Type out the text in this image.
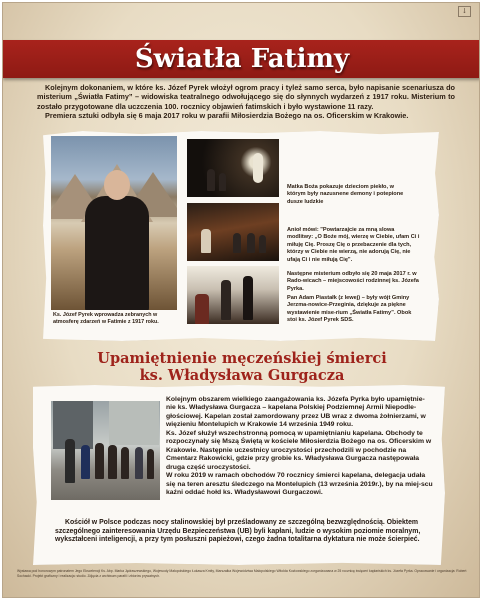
↓
Światła Fatimy

Kolejnym dokonaniem, w które ks. Józef Pyrek włożył ogrom pracy i tyleż samo serca, było napisanie scenariusza do misterium „Światła Fatimy” – widowiska teatralnego odwołującego się do słynnych wydarzeń z 1917 roku. Misterium to zostało przygotowane dla uczczenia 100. rocznicy objawień fatimskich i było wystawione 11 razy.

Premiera sztuki odbyła się 6 maja 2017 roku w parafii Miłosierdzia Bożego na os. Oficerskim w Krakowie.

Ks. Józef Pyrek wprowadza zebranych w atmosferę zdarzeń w Fatimie z 1917 roku.
Matka Boża pokazuje dzieciom piekło, w którym były nazusnene demony i potepione dusze ludzkie
Anioł mówi: "Powtarzajcie za mną slowa modlitwy: „O Boże mój, wierzę w Ciebie, ufam Ci i miłuję Cię. Proszę Cię o przebaczenie dla tych, którzy w Ciebie nie wierzą, nie adorują Cię, nie ufają Ci i nie miłują Cię".
Następne misterium odbyło się 20 maja 2017 r. w Rado-wicach – miejscowości rodzinnej ks. Józefa Pyrka.
Pan Adam Piastałk (z lewej) – były wójt Gminy Jerzma-nowice-Przeginia, dziękuje za piękne wystawienie mise-rium „Światła Fatimy”. Obok stoi ks. Józef Pyrek SDS.
Upamiętnienie męczeńskiej śmierci
ks. Władysława Gurgacza

Kolejnym obszarem wielkiego zaangażowania ks. Józefa Pyrka było upamiętnie-nie ks. Władysława Gurgacza – kapelana Polskiej Podziemnej Armii Niepodle-głościowej. Kapelan został zamordowany przez UB wraz z dwoma żołnierzami, w więzieniu Montelupich w Krakowie 14 września 1949 roku.

Ks. Józef służył wszechstronną pomocą w upamiętnianiu kapelana. Obchody te rozpoczynały się Mszą Świętą w kościele Miłosierdzia Bożego na os. Oficerskim w Krakowie. Następnie uczestnicy uroczystości przechodzili w pochodzie na Cmentarz Rakowicki, gdzie przy grobie ks. Władysława Gurgacza następowała druga część uroczystości.

W roku 2019 w ramach obchodów 70 rocznicy śmierci kapelana, delegacja udała się na teren aresztu śledczego na Montelupich (13 września 2019r.), by na miej-scu kaźni oddać hołd ks. Władysławowi Gurgaczowi.

Kościół w Polsce podczas nocy stalinowskiej był prześladowany ze szczególną bezwzględnością. Obiektem szczególnego zainteresowania Urzędu Bezpieczeństwa (UB) byli kapłani, ludzie o wysokim poziomie moralnym, wykształceni inteligencji, a przy tym posłuszni papieżowi, czego żadna totalitarna dyktatura nie może ścierpieć.
Wystawa pod honorowym patronatem Jego Ekscelencji Ks. Abp. Marka Jędraszewskiego, Wojewody Małopolskiego Łukasza Kmity, Marszałka Województwa Małopolskiego Witolda Kozlowskiego zorganizowana w 25 rocznicę święceń kapłańskich ks. Józefa Pyrka. Opracowanie i organizacja: Robert Sochacki. Projekt graficzny i realizacja: studio. Zdjęcia z archiwum parafii i zbiorów prywatnych.
